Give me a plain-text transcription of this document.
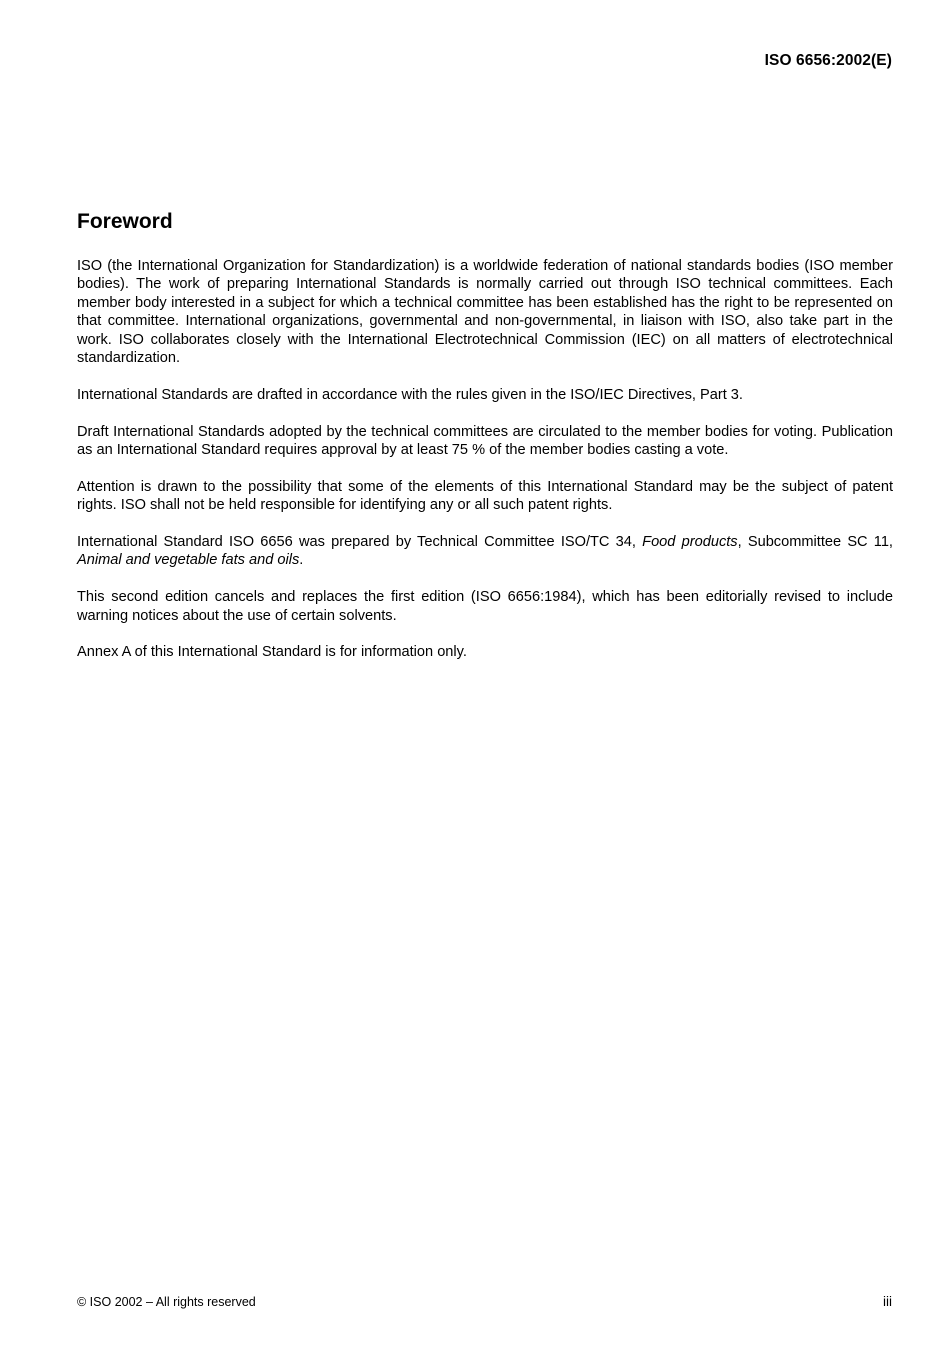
ISO 6656:2002(E)
Foreword

ISO (the International Organization for Standardization) is a worldwide federation of national standards bodies (ISO member bodies). The work of preparing International Standards is normally carried out through ISO technical committees. Each member body interested in a subject for which a technical committee has been established has the right to be represented on that committee. International organizations, governmental and non-governmental, in liaison with ISO, also take part in the work. ISO collaborates closely with the International Electrotechnical Commission (IEC) on all matters of electrotechnical standardization.

International Standards are drafted in accordance with the rules given in the ISO/IEC Directives, Part 3.

Draft International Standards adopted by the technical committees are circulated to the member bodies for voting. Publication as an International Standard requires approval by at least 75 % of the member bodies casting a vote.

Attention is drawn to the possibility that some of the elements of this International Standard may be the subject of patent rights. ISO shall not be held responsible for identifying any or all such patent rights.

International Standard ISO 6656 was prepared by Technical Committee ISO/TC 34, Food products, Subcommittee SC 11, Animal and vegetable fats and oils.

This second edition cancels and replaces the first edition (ISO 6656:1984), which has been editorially revised to include warning notices about the use of certain solvents.

Annex A of this International Standard is for information only.

© ISO 2002 – All rights reserved	iii
